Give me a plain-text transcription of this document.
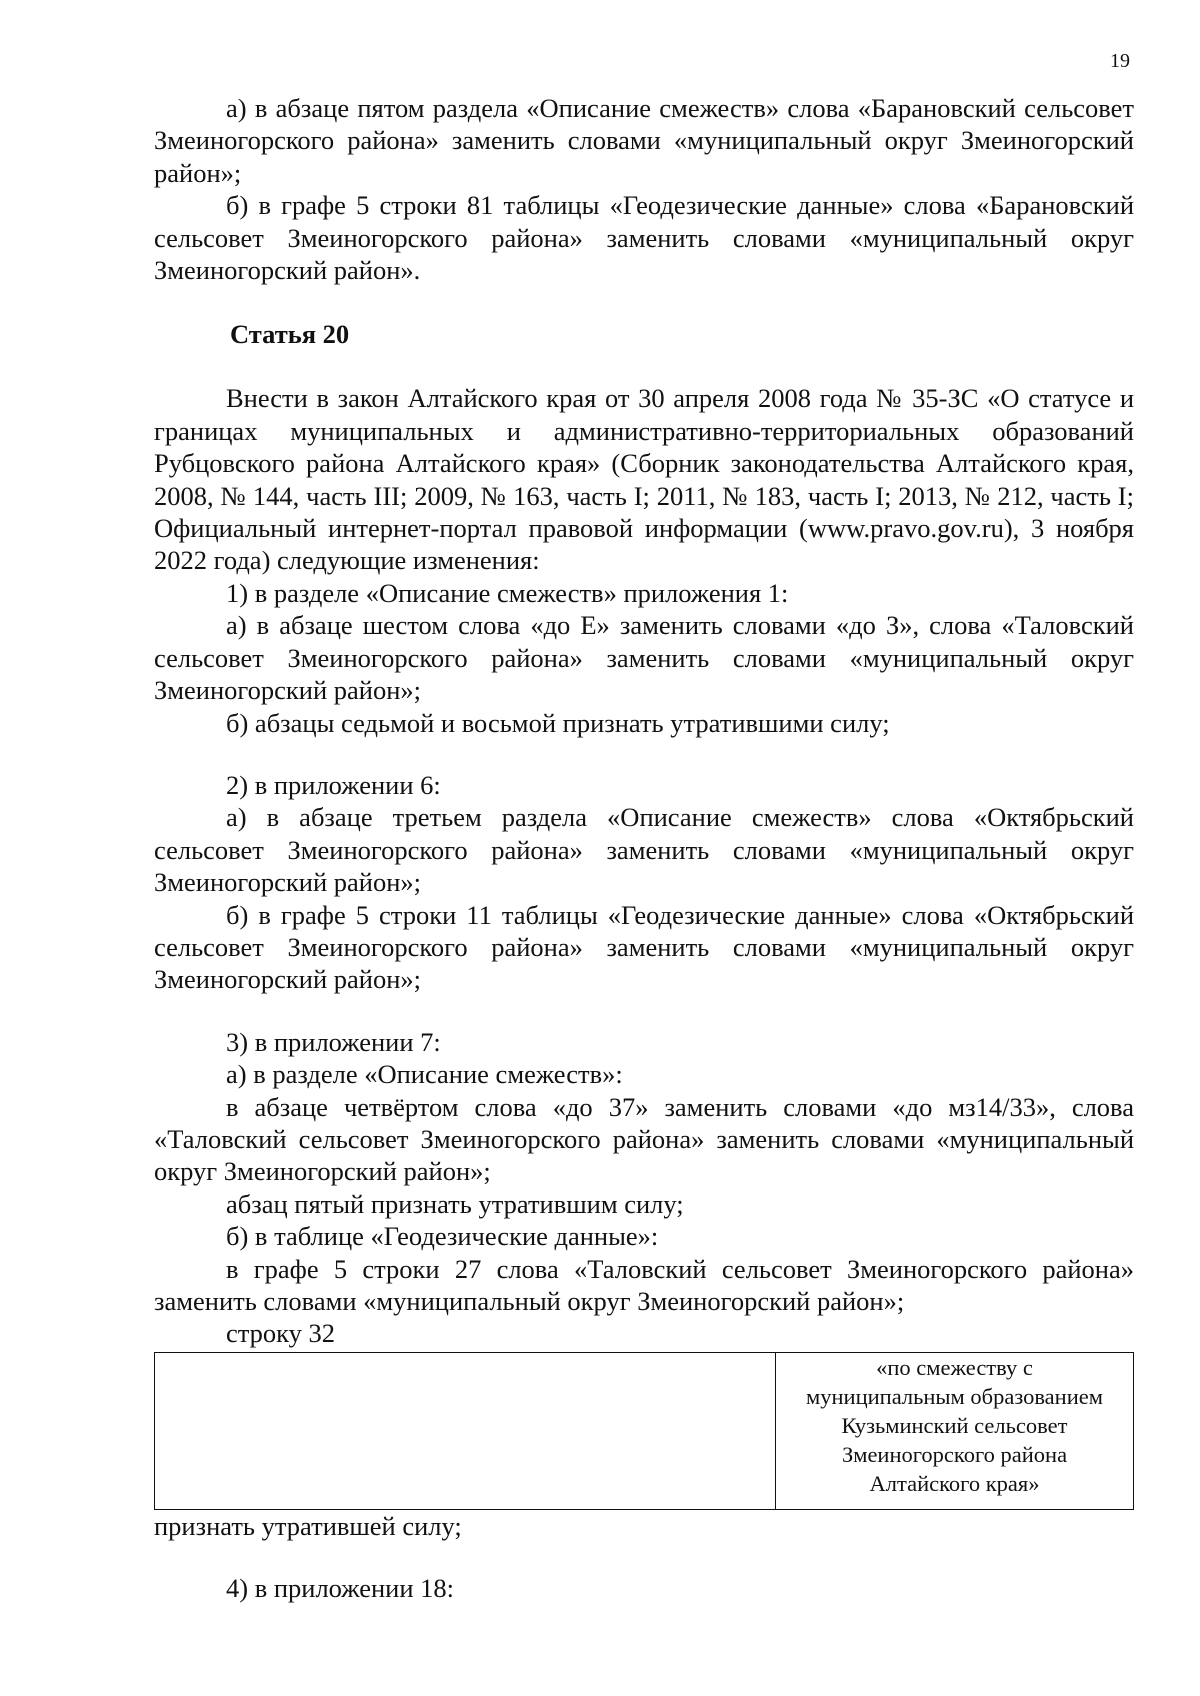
19

а) в абзаце пятом раздела «Описание смежеств» слова «Барановский сельсовет Змеиногорского района» заменить словами «муниципальный округ Змеиногорский район»;

б) в графе 5 строки 81 таблицы «Геодезические данные» слова «Барановский сельсовет Змеиногорского района» заменить словами «муниципальный округ Змеиногорский район».

Статья 20

Внести в закон Алтайского края от 30 апреля 2008 года № 35-ЗС «О статусе и границах муниципальных и административно-территориальных образований Рубцовского района Алтайского края» (Сборник законодательства Алтайского края, 2008, № 144, часть III; 2009, № 163, часть I; 2011, № 183, часть I; 2013, № 212, часть I; Официальный интернет-портал правовой информации (www.pravo.gov.ru), 3 ноября 2022 года) следующие изменения:

1) в разделе «Описание смежеств» приложения 1:

а) в абзаце шестом слова «до Е» заменить словами «до З», слова «Таловский сельсовет Змеиногорского района» заменить словами «муниципальный округ Змеиногорский район»;

б) абзацы седьмой и восьмой признать утратившими силу;

2) в приложении 6:

а) в абзаце третьем раздела «Описание смежеств» слова «Октябрьский сельсовет Змеиногорского района» заменить словами «муниципальный округ Змеиногорский район»;

б) в графе 5 строки 11 таблицы «Геодезические данные» слова «Октябрьский сельсовет Змеиногорского района» заменить словами «муниципальный округ Змеиногорский район»;

3) в приложении 7:

а) в разделе «Описание смежеств»:

в абзаце четвёртом слова «до 37» заменить словами «до мз14/33», слова «Таловский сельсовет Змеиногорского района» заменить словами «муниципальный округ Змеиногорский район»;

абзац пятый признать утратившим силу;

б) в таблице «Геодезические данные»:

в графе 5 строки 27 слова «Таловский сельсовет Змеиногорского района» заменить словами «муниципальный округ Змеиногорский район»;

строку 32

«по смежеству с
муниципальным образованием
Кузьминский сельсовет
Змеиногорского района
Алтайского края»

признать утратившей силу;

4) в приложении 18:
